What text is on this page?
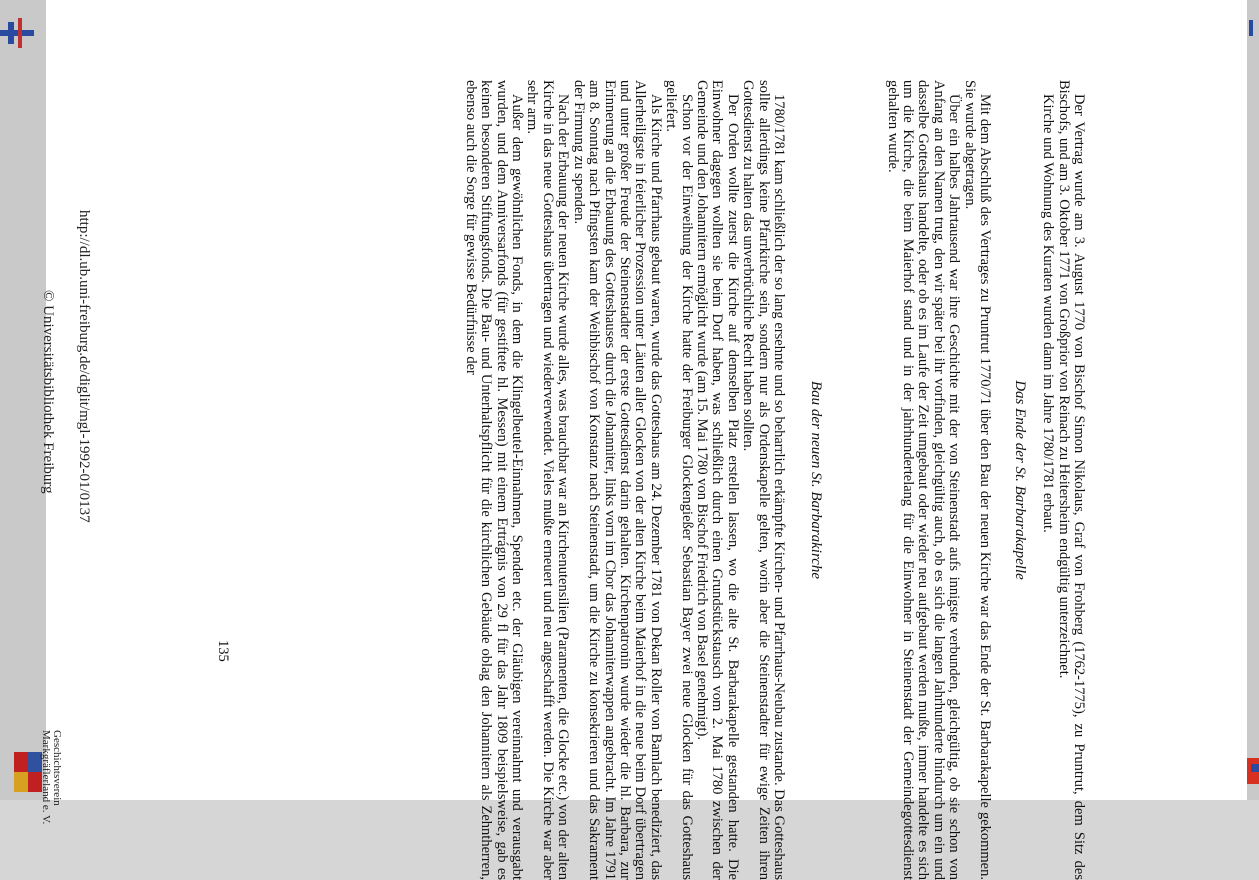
Der Vertrag wurde am 3. August 1770 von Bischof Simon Nikolaus, Graf von Frohberg (1762-1775), zu Pruntrut, dem Sitz des Bischofs, und am 3. Oktober 1771 von Großprior von Reinach zu Heitersheim endgültig unterzeichnet.

Kirche und Wohnung des Kuraten wurden dann im Jahre 1780/1781 erbaut.

Das Ende der St. Barbarakapelle

Mit dem Abschluß des Vertrages zu Pruntrut 1770/71 über den Bau der neuen Kirche war das Ende der St. Barbarakapelle gekommen. Sie wurde abgetragen.

Über ein halbes Jahrtausend war ihre Geschichte mit der von Steinenstadt aufs innigste verbunden, gleichgültig, ob sie schon von Anfang an den Namen trug, den wir später bei ihr vorfinden, gleichgültig auch, ob es sich die langen Jahrhunderte hindurch um ein und dasselbe Gotteshaus handelte, oder ob es im Laufe der Zeit umgebaut oder wieder neu aufgebaut werden mußte, immer handelte es sich um die Kirche, die beim Maierhof stand und in der jahrhundertelang für die Einwohner in Steinenstadt der Gemeindegottesdienst gehalten wurde.

Bau der neuen St. Barbarakirche

1780/1781 kam schließlich der so lang ersehnte und so beharrlich erkämpfte Kirchen- und Pfarrhaus-Neubau zustande. Das Gotteshaus sollte allerdings keine Pfarrkirche sein, sondern nur als Ordenskapelle gelten, worin aber die Steinenstadter für ewige Zeiten ihren Gottesdienst zu halten das unverbrüchliche Recht haben sollten.

Der Orden wollte zuerst die Kirche auf demselben Platz erstellen lassen, wo die alte St. Barbarakapelle gestanden hatte. Die Einwohner dagegen wollten sie beim Dorf haben, was schließlich durch einen Grundstückstausch vom 2. Mai 1780 zwischen der Gemeinde und den Johannitern ermöglicht wurde (am 15. Mai 1780 von Bischof Friedrich von Basel genehmigt).

Schon vor der Einweihung der Kirche hatte der Freiburger Glockengießer Sebastian Bayer zwei neue Glocken für das Gotteshaus geliefert.

Als Kirche und Pfarrhaus gebaut waren, wurde das Gotteshaus am 24. Dezember 1781 von Dekan Roller von Bamlach benediziert, das Allerheiligste in feierlicher Prozession unter Läuten aller Glocken von der alten Kirche beim Maierhof in die neue beim Dorf übertragen und unter großer Freude der Steinenstadter der erste Gottesdienst darin gehalten. Kirchenpatronin wurde wieder die hl. Barbara, zur Erinnerung an die Erbauung des Gotteshauses durch die Johanniter, links vorn im Chor das Johanniterwappen angebracht. Im Jahre 1791 am 8. Sonntag nach Pfingsten kam der Weihbischof von Konstanz nach Steinenstadt, um die Kirche zu konsekrieren und das Sakrament der Firmung zu spenden.

Nach der Erbauung der neuen Kirche wurde alles, was brauchbar war an Kirchenutensilien (Paramenten, die Glocke etc.) von der alten Kirche in das neue Gotteshaus übertragen und wiederverwendet. Vieles mußte erneuert und neu angeschafft werden. Die Kirche war aber sehr arm.

Außer dem gewöhnlichen Fonds, in dem die Klingelbeutel-Einnahmen, Spenden etc. der Gläubigen vereinnahmt und verausgabt wurden, und dem Anniversarfonds (für gestiftete hl. Messen) mit einem Ertrágnis von 29 fl für das Jahr 1809 beispielsweise, gab es keinen besonderen Stiftungsfonds. Die Bau- und Unterhaltspflicht für die kirchlichen Gebäude oblag den Johannitern als Zehntherren, ebenso auch die Sorge für gewisse Bedürfnisse der

135
http://dl.ub.uni-freiburg.de/diglit/mgl-1992-01/0137
© Universitätsbibliothek Freiburg
Geschichtsverein
Markgräflerland e. V.
